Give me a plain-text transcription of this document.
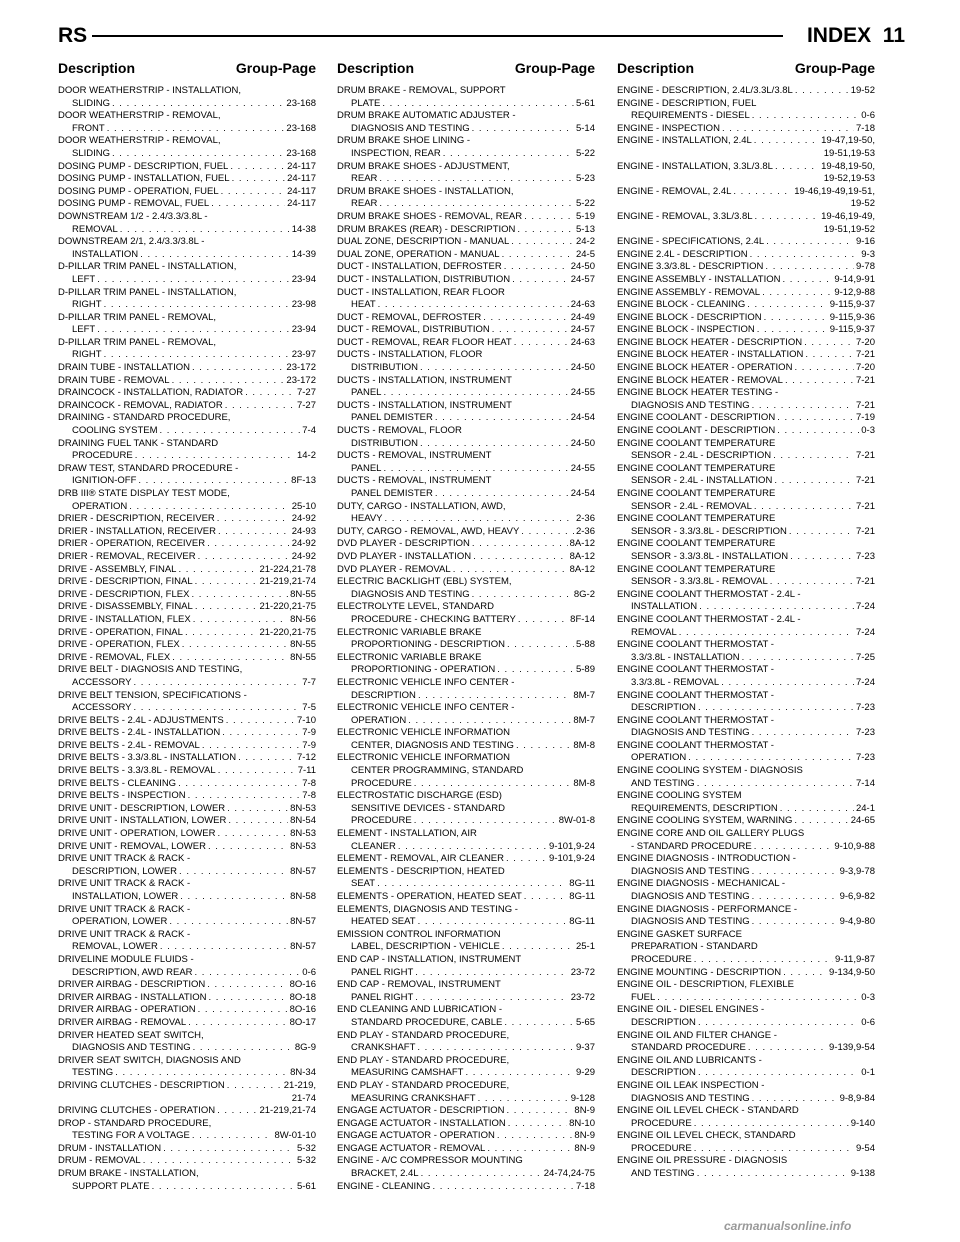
RS	INDEX 11
Description	Group-Page
DOOR WEATHERSTRIP - INSTALLATION,
SLIDING . . .	23-168
DOOR WEATHERSTRIP - REMOVAL,
FRONT . . .	23-168
DOOR WEATHERSTRIP - REMOVAL,
SLIDING . . .	23-168
DOSING PUMP - DESCRIPTION, FUEL . . .	24-117
DOSING PUMP - INSTALLATION, FUEL . . .	24-117
DOSING PUMP - OPERATION, FUEL . . .	24-117
DOSING PUMP - REMOVAL, FUEL . . .	24-117
DOWNSTREAM 1/2 - 2.4/3.3/3.8L -
REMOVAL . . .	14-38
DOWNSTREAM 2/1, 2.4/3.3/3.8L -
INSTALLATION . . .	14-39
D-PILLAR TRIM PANEL - INSTALLATION,
LEFT . . .	23-94
D-PILLAR TRIM PANEL - INSTALLATION,
RIGHT . . .	23-98
D-PILLAR TRIM PANEL - REMOVAL,
LEFT . . .	23-94
D-PILLAR TRIM PANEL - REMOVAL,
RIGHT . . .	23-97
DRAIN TUBE - INSTALLATION . . .	23-172
DRAIN TUBE - REMOVAL . . .	23-172
DRAINCOCK - INSTALLATION, RADIATOR . . .	7-27
DRAINCOCK - REMOVAL, RADIATOR . . .	7-27
DRAINING - STANDARD PROCEDURE,
COOLING SYSTEM . . .	7-4
DRAINING FUEL TANK - STANDARD
PROCEDURE . . .	14-2
DRAW TEST, STANDARD PROCEDURE -
IGNITION-OFF . . .	8F-13
DRB III® STATE DISPLAY TEST MODE,
OPERATION . . .	25-10
DRIER - DESCRIPTION, RECEIVER . . .	24-92
DRIER - INSTALLATION, RECEIVER . . .	24-93
DRIER - OPERATION, RECEIVER . . .	24-92
DRIER - REMOVAL, RECEIVER . . .	24-92
DRIVE - ASSEMBLY, FINAL . . .	21-224,21-78
DRIVE - DESCRIPTION, FINAL . . .	21-219,21-74
DRIVE - DESCRIPTION, FLEX . . .	8N-55
DRIVE - DISASSEMBLY, FINAL . . .	21-220,21-75
DRIVE - INSTALLATION, FLEX . . .	8N-56
DRIVE - OPERATION, FINAL . . .	21-220,21-75
DRIVE - OPERATION, FLEX . . .	8N-55
DRIVE - REMOVAL, FLEX . . .	8N-55
DRIVE BELT - DIAGNOSIS AND TESTING,
ACCESSORY . . .	7-7
DRIVE BELT TENSION, SPECIFICATIONS -
ACCESSORY . . .	7-5
DRIVE BELTS - 2.4L - ADJUSTMENTS . . .	7-10
DRIVE BELTS - 2.4L - INSTALLATION . . .	7-9
DRIVE BELTS - 2.4L - REMOVAL . . .	7-9
DRIVE BELTS - 3.3/3.8L - INSTALLATION . . .	7-12
DRIVE BELTS - 3.3/3.8L - REMOVAL . . .	7-11
DRIVE BELTS - CLEANING . . .	7-8
DRIVE BELTS - INSPECTION . . .	7-8
DRIVE UNIT - DESCRIPTION, LOWER . . .	8N-53
DRIVE UNIT - INSTALLATION, LOWER . . .	8N-54
DRIVE UNIT - OPERATION, LOWER . . .	8N-53
DRIVE UNIT - REMOVAL, LOWER . . .	8N-53
DRIVE UNIT TRACK & RACK -
DESCRIPTION, LOWER . . .	8N-57
DRIVE UNIT TRACK & RACK -
INSTALLATION, LOWER . . .	8N-58
DRIVE UNIT TRACK & RACK -
OPERATION, LOWER . . .	8N-57
DRIVE UNIT TRACK & RACK -
REMOVAL, LOWER . . .	8N-57
DRIVELINE MODULE FLUIDS -
DESCRIPTION, AWD REAR . . .	0-6
DRIVER AIRBAG - DESCRIPTION . . .	8O-16
DRIVER AIRBAG - INSTALLATION . . .	8O-18
DRIVER AIRBAG - OPERATION . . .	8O-16
DRIVER AIRBAG - REMOVAL . . .	8O-17
DRIVER HEATED SEAT SWITCH,
DIAGNOSIS AND TESTING . . .	8G-9
DRIVER SEAT SWITCH, DIAGNOSIS AND
TESTING . . .	8N-34
DRIVING CLUTCHES - DESCRIPTION . . .	21-219,
21-74
DRIVING CLUTCHES - OPERATION . . .	21-219,21-74
DROP - STANDARD PROCEDURE,
TESTING FOR A VOLTAGE . . .	8W-01-10
DRUM - INSTALLATION . . .	5-32
DRUM - REMOVAL . . .	5-32
DRUM BRAKE - INSTALLATION,
SUPPORT PLATE . . .	5-61
Description	Group-Page
DRUM BRAKE - REMOVAL, SUPPORT
PLATE . . .	5-61
DRUM BRAKE AUTOMATIC ADJUSTER -
DIAGNOSIS AND TESTING . . .	5-14
DRUM BRAKE SHOE LINING -
INSPECTION, REAR . . .	5-22
DRUM BRAKE SHOES - ADJUSTMENT,
REAR . . .	5-23
DRUM BRAKE SHOES - INSTALLATION,
REAR . . .	5-22
DRUM BRAKE SHOES - REMOVAL, REAR . . .	5-19
DRUM BRAKES (REAR) - DESCRIPTION . . .	5-13
DUAL ZONE, DESCRIPTION - MANUAL . . .	24-2
DUAL ZONE, OPERATION - MANUAL . . .	24-5
DUCT - INSTALLATION, DEFROSTER . . .	24-50
DUCT - INSTALLATION, DISTRIBUTION . . .	24-57
DUCT - INSTALLATION, REAR FLOOR
HEAT . . .	24-63
DUCT - REMOVAL, DEFROSTER . . .	24-49
DUCT - REMOVAL, DISTRIBUTION . . .	24-57
DUCT - REMOVAL, REAR FLOOR HEAT . . .	24-63
DUCTS - INSTALLATION, FLOOR
DISTRIBUTION . . .	24-50
DUCTS - INSTALLATION, INSTRUMENT
PANEL . . .	24-55
DUCTS - INSTALLATION, INSTRUMENT
PANEL DEMISTER . . .	24-54
DUCTS - REMOVAL, FLOOR
DISTRIBUTION . . .	24-50
DUCTS - REMOVAL, INSTRUMENT
PANEL . . .	24-55
DUCTS - REMOVAL, INSTRUMENT
PANEL DEMISTER . . .	24-54
DUTY, CARGO - INSTALLATION, AWD,
HEAVY . . .	2-36
DUTY, CARGO - REMOVAL, AWD, HEAVY . . .	2-36
DVD PLAYER - DESCRIPTION . . .	8A-12
DVD PLAYER - INSTALLATION . . .	8A-12
DVD PLAYER - REMOVAL . . .	8A-12
ELECTRIC BACKLIGHT (EBL) SYSTEM,
DIAGNOSIS AND TESTING . . .	8G-2
ELECTROLYTE LEVEL, STANDARD
PROCEDURE - CHECKING BATTERY . . .	8F-14
ELECTRONIC VARIABLE BRAKE
PROPORTIONING - DESCRIPTION . . .	5-88
ELECTRONIC VARIABLE BRAKE
PROPORTIONING - OPERATION . . .	5-89
ELECTRONIC VEHICLE INFO CENTER -
DESCRIPTION . . .	8M-7
ELECTRONIC VEHICLE INFO CENTER -
OPERATION . . .	8M-7
ELECTRONIC VEHICLE INFORMATION
CENTER, DIAGNOSIS AND TESTING . . .	8M-8
ELECTRONIC VEHICLE INFORMATION
CENTER PROGRAMMING, STANDARD
PROCEDURE . . .	8M-8
ELECTROSTATIC DISCHARGE (ESD)
SENSITIVE DEVICES - STANDARD
PROCEDURE . . .	8W-01-8
ELEMENT - INSTALLATION, AIR
CLEANER . . .	9-101,9-24
ELEMENT - REMOVAL, AIR CLEANER . . .	9-101,9-24
ELEMENTS - DESCRIPTION, HEATED
SEAT . . .	8G-11
ELEMENTS - OPERATION, HEATED SEAT . . .	8G-11
ELEMENTS, DIAGNOSIS AND TESTING -
HEATED SEAT . . .	8G-11
EMISSION CONTROL INFORMATION
LABEL, DESCRIPTION - VEHICLE . . .	25-1
END CAP - INSTALLATION, INSTRUMENT
PANEL RIGHT . . .	23-72
END CAP - REMOVAL, INSTRUMENT
PANEL RIGHT . . .	23-72
END CLEANING AND LUBRICATION -
STANDARD PROCEDURE, CABLE . . .	5-65
END PLAY - STANDARD PROCEDURE,
CRANKSHAFT . . .	9-37
END PLAY - STANDARD PROCEDURE,
MEASURING CAMSHAFT . . .	9-29
END PLAY - STANDARD PROCEDURE,
MEASURING CRANKSHAFT . . .	9-128
ENGAGE ACTUATOR - DESCRIPTION . . .	8N-9
ENGAGE ACTUATOR - INSTALLATION . . .	8N-10
ENGAGE ACTUATOR - OPERATION . . .	8N-9
ENGAGE ACTUATOR - REMOVAL . . .	8N-9
ENGINE - A/C COMPRESSOR MOUNTING
BRACKET, 2.4L . . .	24-74,24-75
ENGINE - CLEANING . . .	7-18
Description	Group-Page
ENGINE - DESCRIPTION, 2.4L/3.3L/3.8L . . .	19-52
ENGINE - DESCRIPTION, FUEL
REQUIREMENTS - DIESEL . . .	0-6
ENGINE - INSPECTION . . .	7-18
ENGINE - INSTALLATION, 2.4L . . .	19-47,19-50,
19-51,19-53
ENGINE - INSTALLATION, 3.3L/3.8L . . .	19-48,19-50,
19-52,19-53
ENGINE - REMOVAL, 2.4L . . .	19-46,19-49,19-51,
19-52
ENGINE - REMOVAL, 3.3L/3.8L . . .	19-46,19-49,
19-51,19-52
ENGINE - SPECIFICATIONS, 2.4L . . .	9-16
ENGINE 2.4L - DESCRIPTION . . .	9-3
ENGINE 3.3/3.8L - DESCRIPTION . . .	9-78
ENGINE ASSEMBLY - INSTALLATION . . .	9-14,9-91
ENGINE ASSEMBLY - REMOVAL . . .	9-12,9-88
ENGINE BLOCK - CLEANING . . .	9-115,9-37
ENGINE BLOCK - DESCRIPTION . . .	9-115,9-36
ENGINE BLOCK - INSPECTION . . .	9-115,9-37
ENGINE BLOCK HEATER - DESCRIPTION . . .	7-20
ENGINE BLOCK HEATER - INSTALLATION . . .	7-21
ENGINE BLOCK HEATER - OPERATION . . .	7-20
ENGINE BLOCK HEATER - REMOVAL . . .	7-21
ENGINE BLOCK HEATER TESTING -
DIAGNOSIS AND TESTING . . .	7-21
ENGINE COOLANT - DESCRIPTION . . .	7-19
ENGINE COOLANT - DESCRIPTION . . .	0-3
ENGINE COOLANT TEMPERATURE
SENSOR - 2.4L - DESCRIPTION . . .	7-21
ENGINE COOLANT TEMPERATURE
SENSOR - 2.4L - INSTALLATION . . .	7-21
ENGINE COOLANT TEMPERATURE
SENSOR - 2.4L - REMOVAL . . .	7-21
ENGINE COOLANT TEMPERATURE
SENSOR - 3.3/3.8L - DESCRIPTION . . .	7-21
ENGINE COOLANT TEMPERATURE
SENSOR - 3.3/3.8L - INSTALLATION . . .	7-23
ENGINE COOLANT TEMPERATURE
SENSOR - 3.3/3.8L - REMOVAL . . .	7-21
ENGINE COOLANT THERMOSTAT - 2.4L -
INSTALLATION . . .	7-24
ENGINE COOLANT THERMOSTAT - 2.4L -
REMOVAL . . .	7-24
ENGINE COOLANT THERMOSTAT -
3.3/3.8L - INSTALLATION . . .	7-25
ENGINE COOLANT THERMOSTAT -
3.3/3.8L - REMOVAL . . .	7-24
ENGINE COOLANT THERMOSTAT -
DESCRIPTION . . .	7-23
ENGINE COOLANT THERMOSTAT -
DIAGNOSIS AND TESTING . . .	7-23
ENGINE COOLANT THERMOSTAT -
OPERATION . . .	7-23
ENGINE COOLING SYSTEM - DIAGNOSIS
AND TESTING . . .	7-14
ENGINE COOLING SYSTEM
REQUIREMENTS, DESCRIPTION . . .	24-1
ENGINE COOLING SYSTEM, WARNING . . .	24-65
ENGINE CORE AND OIL GALLERY PLUGS
- STANDARD PROCEDURE . . .	9-10,9-88
ENGINE DIAGNOSIS - INTRODUCTION -
DIAGNOSIS AND TESTING . . .	9-3,9-78
ENGINE DIAGNOSIS - MECHANICAL -
DIAGNOSIS AND TESTING . . .	9-6,9-82
ENGINE DIAGNOSIS - PERFORMANCE -
DIAGNOSIS AND TESTING . . .	9-4,9-80
ENGINE GASKET SURFACE
PREPARATION - STANDARD
PROCEDURE . . .	9-11,9-87
ENGINE MOUNTING - DESCRIPTION . . .	9-134,9-50
ENGINE OIL - DESCRIPTION, FLEXIBLE
FUEL . . .	0-3
ENGINE OIL - DIESEL ENGINES -
DESCRIPTION . . .	0-6
ENGINE OIL AND FILTER CHANGE -
STANDARD PROCEDURE . . .	9-139,9-54
ENGINE OIL AND LUBRICANTS -
DESCRIPTION . . .	0-1
ENGINE OIL LEAK INSPECTION -
DIAGNOSIS AND TESTING . . .	9-8,9-84
ENGINE OIL LEVEL CHECK - STANDARD
PROCEDURE . . .	9-140
ENGINE OIL LEVEL CHECK, STANDARD
PROCEDURE . . .	9-54
ENGINE OIL PRESSURE - DIAGNOSIS
AND TESTING . . .	9-138
carmanualsonline.info
